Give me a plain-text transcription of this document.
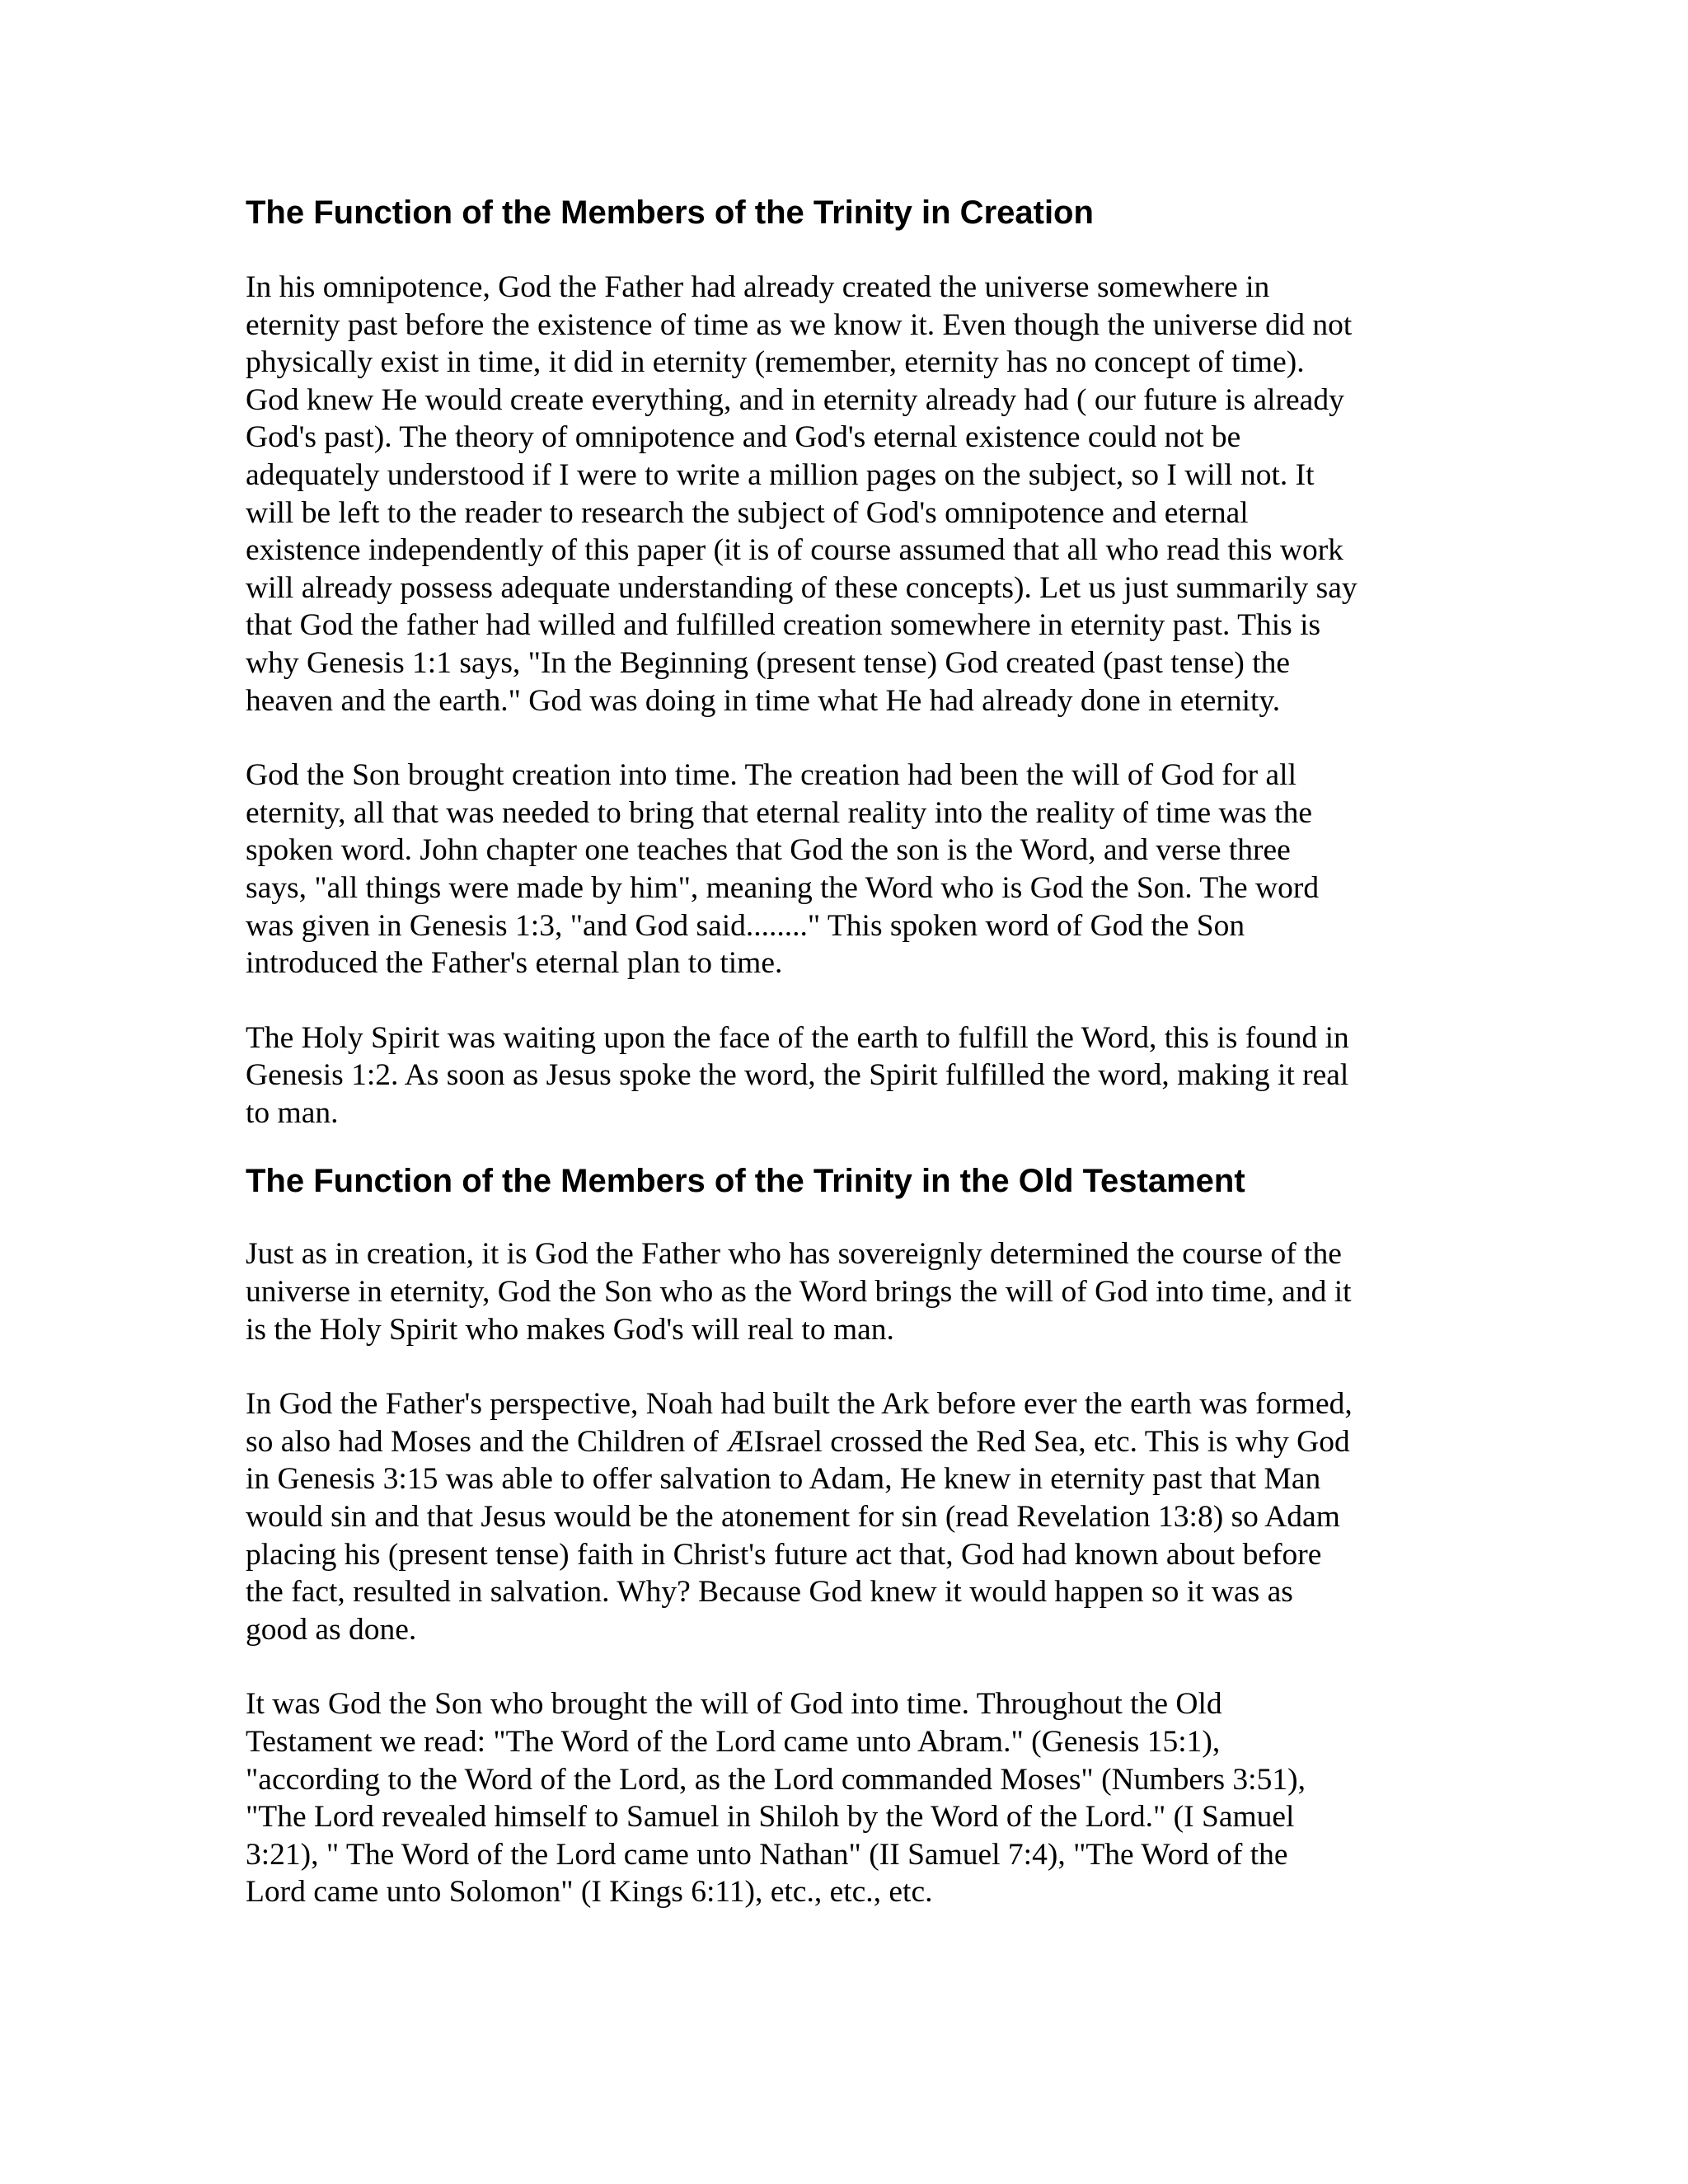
The Function of the Members of the Trinity in Creation
In his omnipotence, God the Father had already created the universe somewhere in
eternity past before the existence of time as we know it. Even though the universe did not
physically exist in time, it did in eternity (remember, eternity has no concept of time).
God knew He would create everything, and in eternity already had ( our future is already
God's past). The theory of omnipotence and God's eternal existence could not be
adequately understood if I were to write a million pages on the subject, so I will not. It
will be left to the reader to research the subject of God's omnipotence and eternal
existence independently of this paper (it is of course assumed that all who read this work
will already possess adequate understanding of these concepts). Let us just summarily say
that God the father had willed and fulfilled creation somewhere in eternity past. This is
why Genesis 1:1 says, "In the Beginning (present tense) God created (past tense) the
heaven and the earth." God was doing in time what He had already done in eternity.
God the Son brought creation into time. The creation had been the will of God for all
eternity, all that was needed to bring that eternal reality into the reality of time was the
spoken word. John chapter one teaches that God the son is the Word, and verse three
says, "all things were made by him", meaning the Word who is God the Son. The word
was given in Genesis 1:3, "and God said........" This spoken word of God the Son
introduced the Father's eternal plan to time.
The Holy Spirit was waiting upon the face of the earth to fulfill the Word, this is found in
Genesis 1:2. As soon as Jesus spoke the word, the Spirit fulfilled the word, making it real
to man.
The Function of the Members of the Trinity in the Old Testament
Just as in creation, it is God the Father who has sovereignly determined the course of the
universe in eternity, God the Son who as the Word brings the will of God into time, and it
is the Holy Spirit who makes God's will real to man.
In God the Father's perspective, Noah had built the Ark before ever the earth was formed,
so also had Moses and the Children of ÆIsrael crossed the Red Sea, etc. This is why God
in Genesis 3:15 was able to offer salvation to Adam, He knew in eternity past that Man
would sin and that Jesus would be the atonement for sin (read Revelation 13:8) so Adam
placing his (present tense) faith in Christ's future act that, God had known about before
the fact, resulted in salvation. Why? Because God knew it would happen so it was as
good as done.
It was God the Son who brought the will of God into time. Throughout the Old
Testament we read: "The Word of the Lord came unto Abram." (Genesis 15:1),
"according to the Word of the Lord, as the Lord commanded Moses" (Numbers 3:51),
"The Lord revealed himself to Samuel in Shiloh by the Word of the Lord." (I Samuel
3:21), " The Word of the Lord came unto Nathan" (II Samuel 7:4), "The Word of the
Lord came unto Solomon" (I Kings 6:11), etc., etc., etc.
